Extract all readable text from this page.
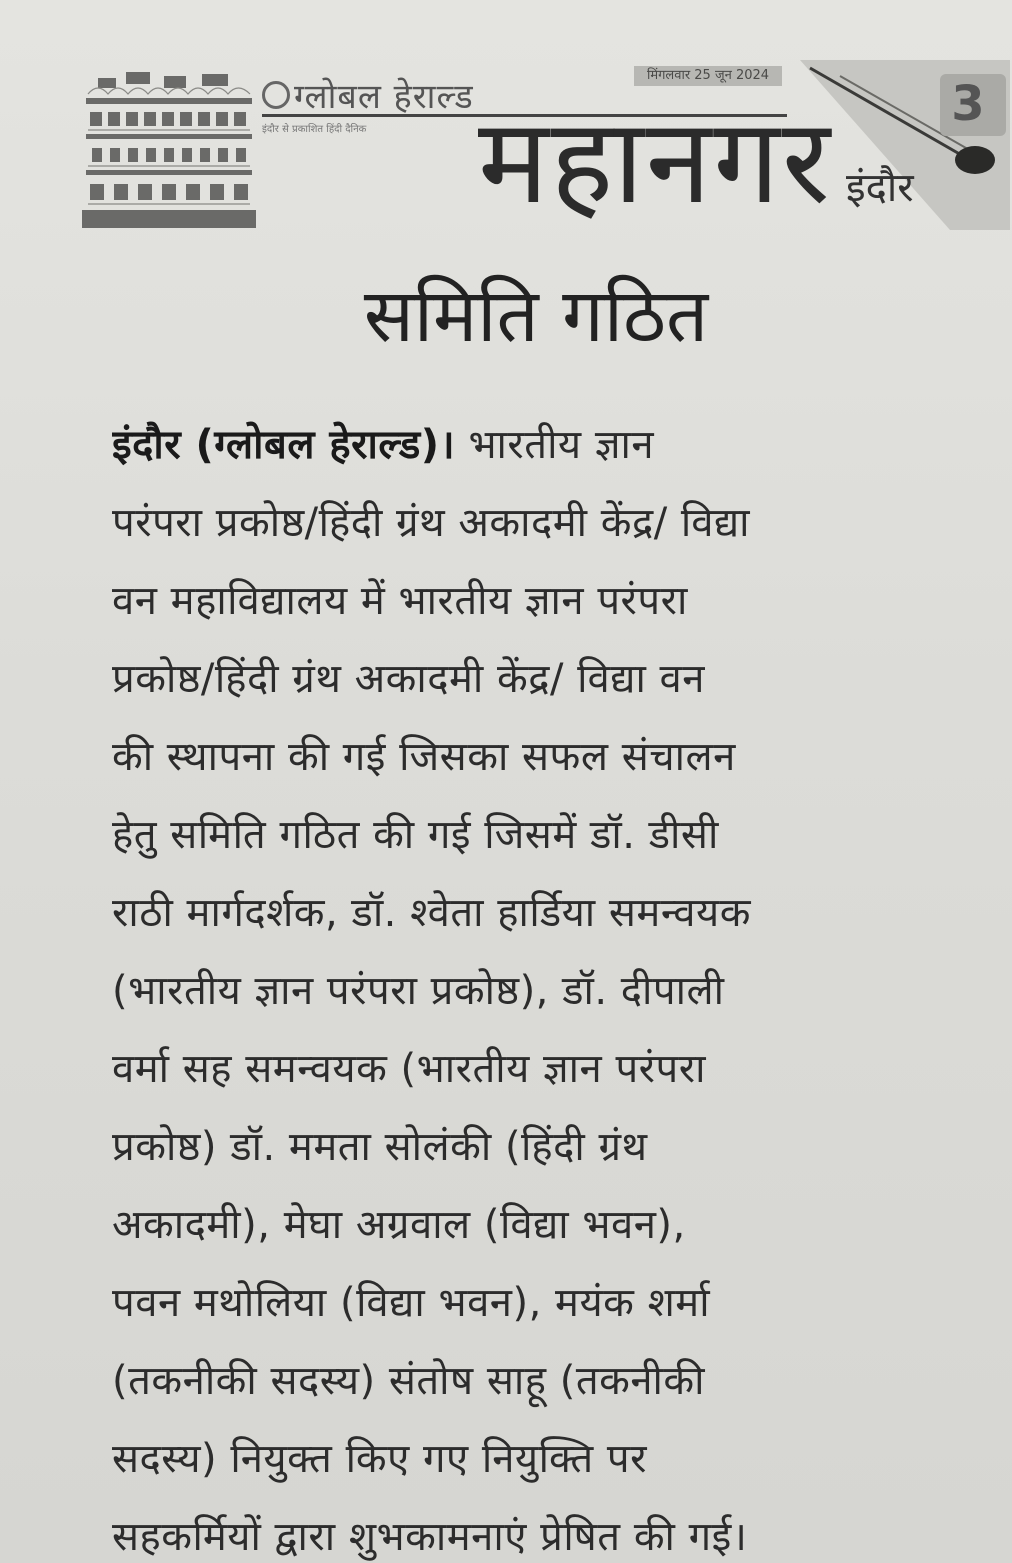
ग्लोबल हेराल्ड
मिंगलवार 25 जून 2024
इंदौर से प्रकाशित हिंदी दैनिक महानगर 3
इंदौर
समिति गठित
इंदौर (ग्लोबल हेराल्ड)। भारतीय ज्ञान
परंपरा प्रकोष्ठ/हिंदी ग्रंथ अकादमी केंद्र/ विद्या
वन महाविद्यालय में भारतीय ज्ञान परंपरा
प्रकोष्ठ/हिंदी ग्रंथ अकादमी केंद्र/ विद्या वन
की स्थापना की गई जिसका सफल संचालन
हेतु समिति गठित की गई जिसमें डॉ. डीसी
राठी मार्गदर्शक, डॉ. श्वेता हार्डिया समन्वयक
(भारतीय ज्ञान परंपरा प्रकोष्ठ), डॉ. दीपाली
वर्मा सह समन्वयक (भारतीय ज्ञान परंपरा
प्रकोष्ठ) डॉ. ममता सोलंकी (हिंदी ग्रंथ
अकादमी), मेघा अग्रवाल (विद्या भवन),
पवन मथोलिया (विद्या भवन), मयंक शर्मा
(तकनीकी सदस्य) संतोष साहू (तकनीकी
सदस्य) नियुक्त किए गए नियुक्ति पर
सहकर्मियों द्वारा शुभकामनाएं प्रेषित की गई।
